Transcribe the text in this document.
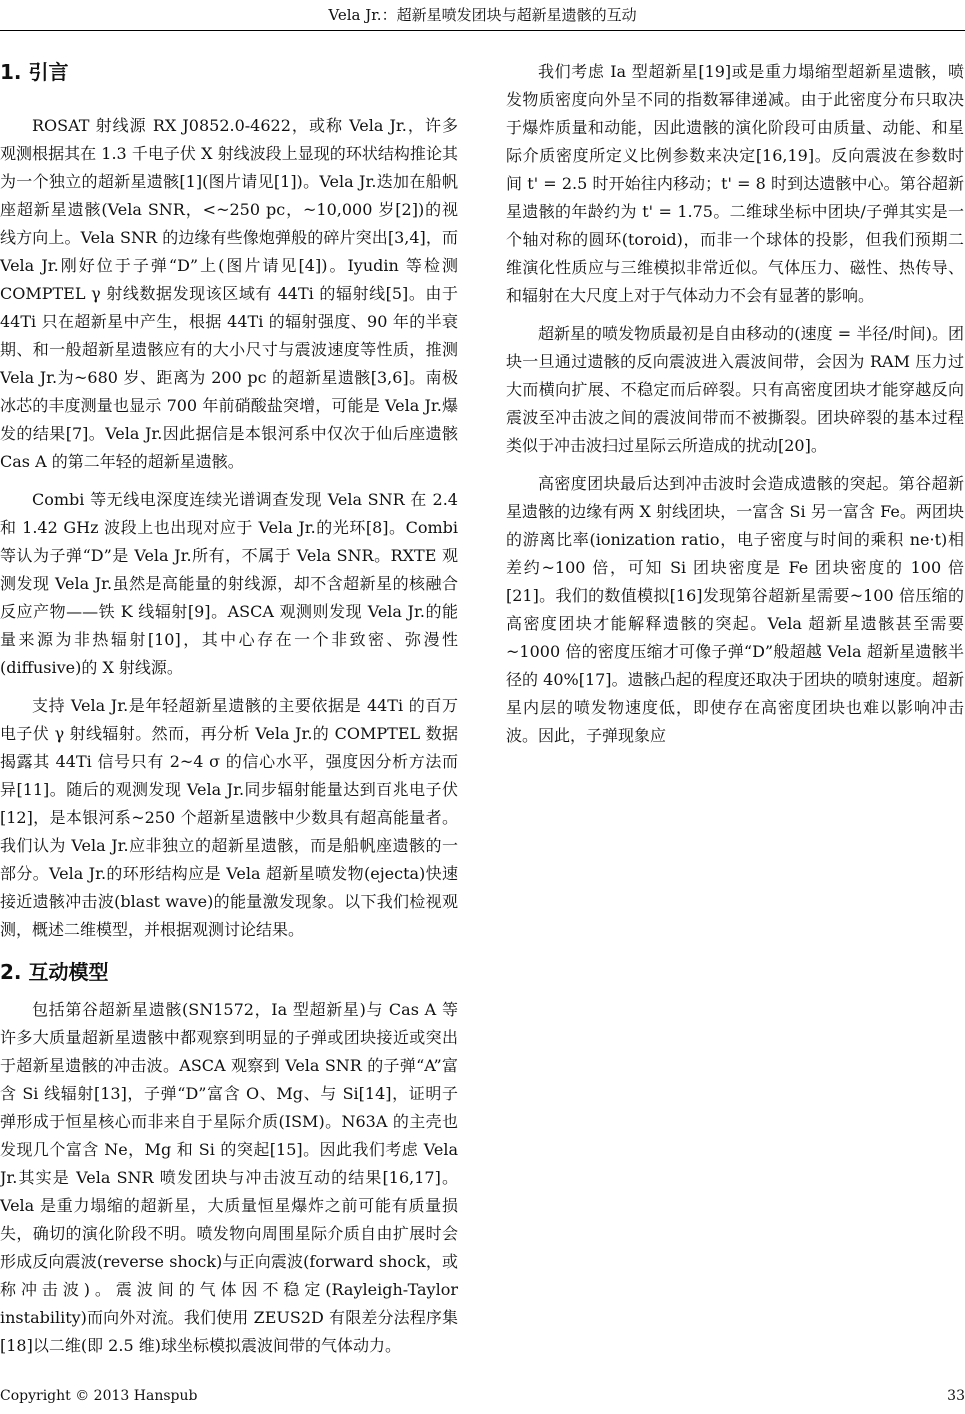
Vela Jr.：超新星喷发团块与超新星遗骸的互动
1. 引言

ROSAT 射线源 RX J0852.0-4622，或称 Vela Jr.，许多观测根据其在 1.3 千电子伏 X 射线波段上显现的环状结构推论其为一个独立的超新星遗骸[1](图片请见[1])。Vela Jr.迭加在船帆座超新星遗骸(Vela SNR，<~250 pc，~10,000 岁[2])的视线方向上。Vela SNR 的边缘有些像炮弹般的碎片突出[3,4]，而 Vela Jr.刚好位于子弹“D”上(图片请见[4])。Iyudin 等检测 COMPTEL γ 射线数据发现该区域有 44Ti 的辐射线[5]。由于 44Ti 只在超新星中产生，根据 44Ti 的辐射强度、90 年的半衰期、和一般超新星遗骸应有的大小尺寸与震波速度等性质，推测 Vela Jr.为~680 岁、距离为 200 pc 的超新星遗骸[3,6]。南极冰芯的丰度测量也显示 700 年前硝酸盐突增，可能是 Vela Jr.爆发的结果[7]。Vela Jr.因此据信是本银河系中仅次于仙后座遗骸 Cas A 的第二年轻的超新星遗骸。

Combi 等无线电深度连续光谱调查发现 Vela SNR 在 2.4 和 1.42 GHz 波段上也出现对应于 Vela Jr.的光环[8]。Combi 等认为子弹“D”是 Vela Jr.所有，不属于 Vela SNR。RXTE 观测发现 Vela Jr.虽然是高能量的射线源，却不含超新星的核融合反应产物——铁 K 线辐射[9]。ASCA 观测则发现 Vela Jr.的能量来源为非热辐射[10]，其中心存在一个非致密、弥漫性(diffusive)的 X 射线源。

支持 Vela Jr.是年轻超新星遗骸的主要依据是 44Ti 的百万电子伏 γ 射线辐射。然而，再分析 Vela Jr.的 COMPTEL 数据揭露其 44Ti 信号只有 2~4 σ 的信心水平，强度因分析方法而异[11]。随后的观测发现 Vela Jr.同步辐射能量达到百兆电子伏[12]，是本银河系~250 个超新星遗骸中少数具有超高能量者。我们认为 Vela Jr.应非独立的超新星遗骸，而是船帆座遗骸的一部分。Vela Jr.的环形结构应是 Vela 超新星喷发物(ejecta)快速接近遗骸冲击波(blast wave)的能量激发现象。以下我们检视观测，概述二维模型，并根据观测讨论结果。

2. 互动模型

包括第谷超新星遗骸(SN1572，Ia 型超新星)与 Cas A 等许多大质量超新星遗骸中都观察到明显的子弹或团块接近或突出于超新星遗骸的冲击波。ASCA 观察到 Vela SNR 的子弹“A”富含 Si 线辐射[13]，子弹“D”富含 O、Mg、与 Si[14]，证明子弹形成于恒星核心而非来自于星际介质(ISM)。N63A 的主壳也发现几个富含 Ne，Mg 和 Si 的突起[15]。因此我们考虑 Vela Jr.其实是 Vela SNR 喷发团块与冲击波互动的结果[16,17]。Vela 是重力塌缩的超新星，大质量恒星爆炸之前可能有质量损失，确切的演化阶段不明。喷发物向周围星际介质自由扩展时会形成反向震波(reverse shock)与正向震波(forward shock，或称冲击波)。震波间的气体因不稳定(Rayleigh-Taylor instability)而向外对流。我们使用 ZEUS2D 有限差分法程序集[18]以二维(即 2.5 维)球坐标模拟震波间带的气体动力。

我们考虑 Ia 型超新星[19]或是重力塌缩型超新星遗骸，喷发物质密度向外呈不同的指数幂律递减。由于此密度分布只取决于爆炸质量和动能，因此遗骸的演化阶段可由质量、动能、和星际介质密度所定义比例参数来决定[16,19]。反向震波在参数时间 t' = 2.5 时开始往内移动；t' = 8 时到达遗骸中心。第谷超新星遗骸的年龄约为 t' = 1.75。二维球坐标中团块/子弹其实是一个轴对称的圆环(toroid)，而非一个球体的投影，但我们预期二维演化性质应与三维模拟非常近似。气体压力、磁性、热传导、和辐射在大尺度上对于气体动力不会有显著的影响。

超新星的喷发物质最初是自由移动的(速度 = 半径/时间)。团块一旦通过遗骸的反向震波进入震波间带，会因为 RAM 压力过大而横向扩展、不稳定而后碎裂。只有高密度团块才能穿越反向震波至冲击波之间的震波间带而不被撕裂。团块碎裂的基本过程类似于冲击波扫过星际云所造成的扰动[20]。

高密度团块最后达到冲击波时会造成遗骸的突起。第谷超新星遗骸的边缘有两 X 射线团块，一富含 Si 另一富含 Fe。两团块的游离比率(ionization ratio，电子密度与时间的乘积 ne·t)相差约~100 倍，可知 Si 团块密度是 Fe 团块密度的 100 倍[21]。我们的数值模拟[16]发现第谷超新星需要~100 倍压缩的高密度团块才能解释遗骸的突起。Vela 超新星遗骸甚至需要~1000 倍的密度压缩才可像子弹“D”般超越 Vela 超新星遗骸半径的 40%[17]。遗骸凸起的程度还取决于团块的喷射速度。超新星内层的喷发物速度低，即使存在高密度团块也难以影响冲击波。因此，子弹现象应

Copyright © 2013 Hanspub	33
